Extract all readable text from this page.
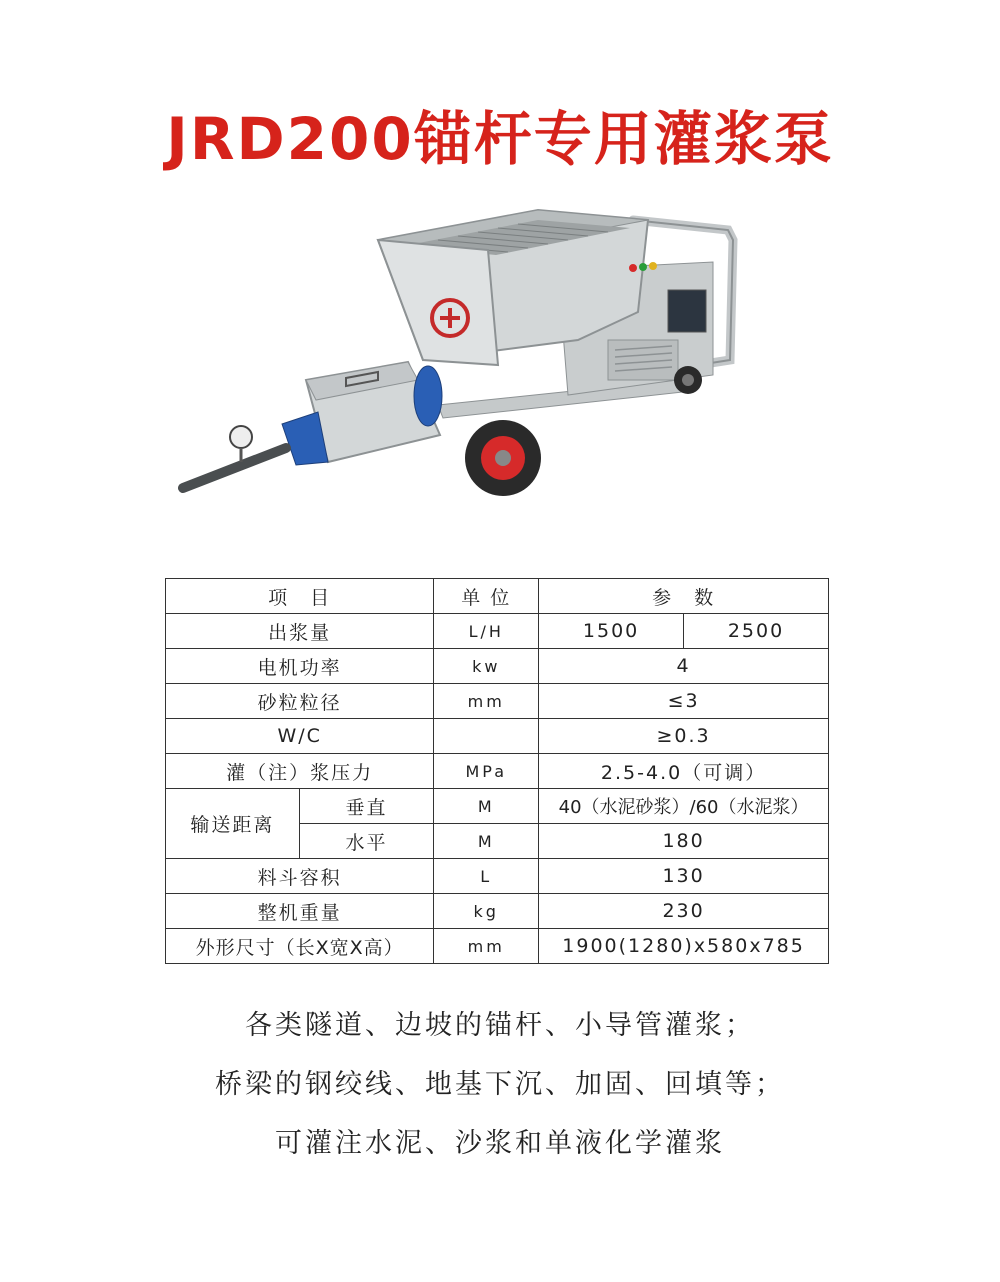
JRD200锚杆专用灌浆泵
项　目		单 位	参　数	
出浆量		L/H	1500	2500
电机功率		kw	4	
砂粒粒径		mm	≤3	
W/C			≥0.3	
灌（注）浆压力		MPa	2.5-4.0（可调）	
输送距离	垂直	M	40（水泥砂浆）/60（水泥浆）	
	水平	M	180	
料斗容积		L	130	
整机重量		kg	230	
外形尺寸（长X宽X高）		mm	1900(1280)x580x785	
各类隧道、边坡的锚杆、小导管灌浆；
桥梁的钢绞线、地基下沉、加固、回填等；
可灌注水泥、沙浆和单液化学灌浆
